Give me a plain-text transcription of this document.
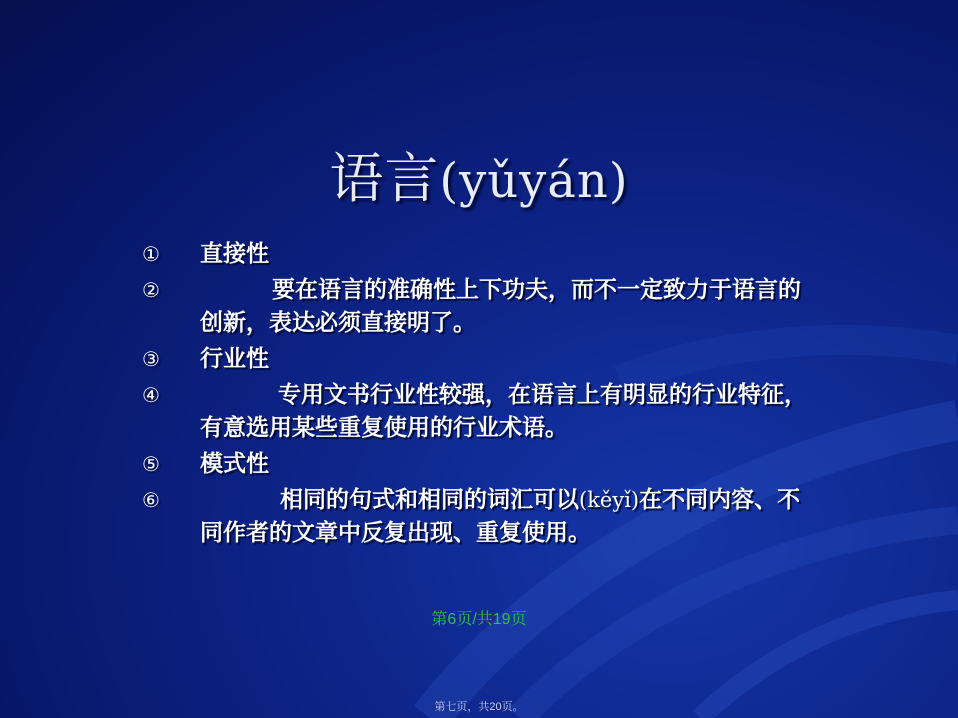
语言(yǔyán)
① 直接性
②	要在语言的准确性上下功夫，而不一定致力于语言的创新，表达必须直接明了。
③ 行业性
④	专用文书行业性较强，在语言上有明显的行业特征，有意选用某些重复使用的行业术语。
⑤ 模式性
⑥	相同的句式和相同的词汇可以(kěyǐ)在不同内容、不同作者的文章中反复出现、重复使用。
第6页/共19页
第七页，共20页。
